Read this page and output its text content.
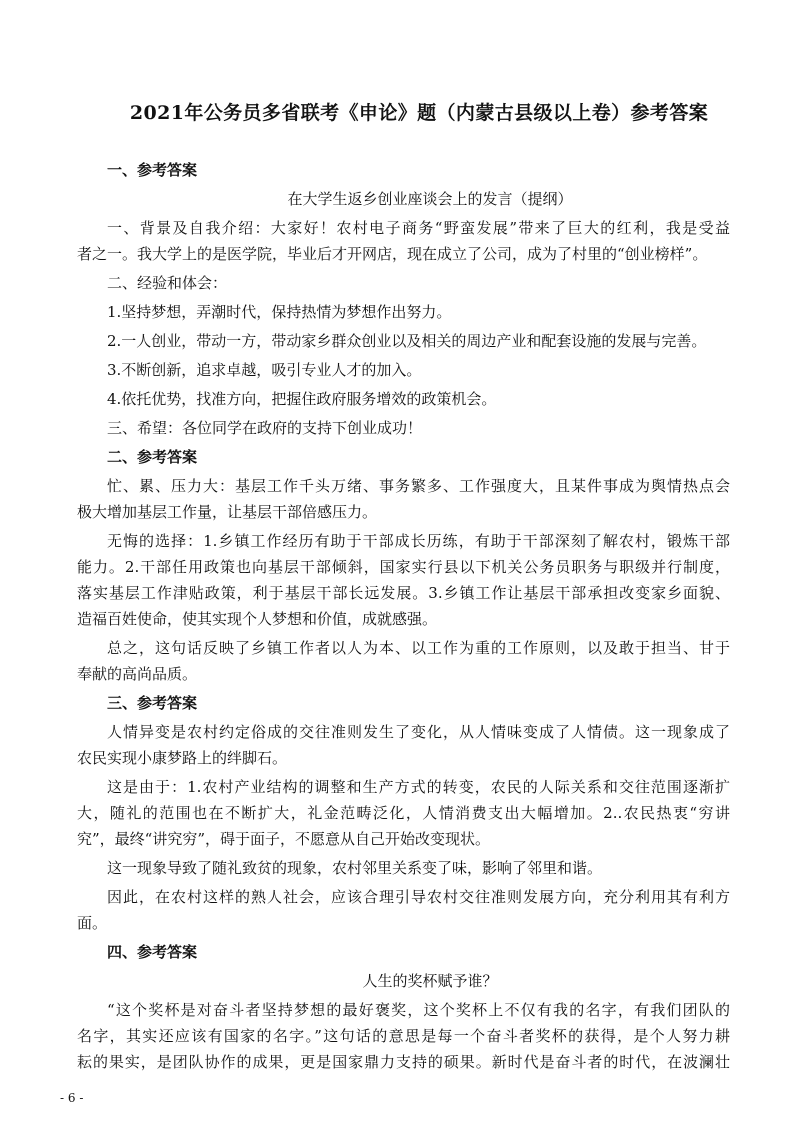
2021年公务员多省联考《申论》题（内蒙古县级以上卷）参考答案
一、参考答案
在大学生返乡创业座谈会上的发言（提纲）
一、背景及自我介绍：大家好！农村电子商务“野蛮发展”带来了巨大的红利，我是受益
者之一。我大学上的是医学院，毕业后才开网店，现在成立了公司，成为了村里的“创业榜样”。
二、经验和体会：
1.坚持梦想，弄潮时代，保持热情为梦想作出努力。
2.一人创业，带动一方，带动家乡群众创业以及相关的周边产业和配套设施的发展与完善。
3.不断创新，追求卓越，吸引专业人才的加入。
4.依托优势，找准方向，把握住政府服务增效的政策机会。
三、希望：各位同学在政府的支持下创业成功！
二、参考答案
忙、累、压力大：基层工作千头万绪、事务繁多、工作强度大，且某件事成为舆情热点会
极大增加基层工作量，让基层干部倍感压力。
无悔的选择：1.乡镇工作经历有助于干部成长历练，有助于干部深刻了解农村，锻炼干部
能力。2.干部任用政策也向基层干部倾斜，国家实行县以下机关公务员职务与职级并行制度，
落实基层工作津贴政策，利于基层干部长远发展。3.乡镇工作让基层干部承担改变家乡面貌、
造福百姓使命，使其实现个人梦想和价值，成就感强。
总之，这句话反映了乡镇工作者以人为本、以工作为重的工作原则，以及敢于担当、甘于
奉献的高尚品质。
三、参考答案
人情异变是农村约定俗成的交往准则发生了变化，从人情味变成了人情债。这一现象成了
农民实现小康梦路上的绊脚石。
这是由于：1.农村产业结构的调整和生产方式的转变，农民的人际关系和交往范围逐渐扩
大，随礼的范围也在不断扩大，礼金范畴泛化，人情消费支出大幅增加。2..农民热衷“穷讲
究”，最终“讲究穷”，碍于面子，不愿意从自己开始改变现状。
这一现象导致了随礼致贫的现象，农村邻里关系变了味，影响了邻里和谐。
因此，在农村这样的熟人社会，应该合理引导农村交往准则发展方向，充分利用其有利方
面。
四、参考答案
人生的奖杯赋予谁？
“这个奖杯是对奋斗者坚持梦想的最好褒奖，这个奖杯上不仅有我的名字，有我们团队的
名字，其实还应该有国家的名字。”这句话的意思是每一个奋斗者奖杯的获得，是个人努力耕
耘的果实，是团队协作的成果，更是国家鼎力支持的硕果。新时代是奋斗者的时代，在波澜壮
- 6 -
